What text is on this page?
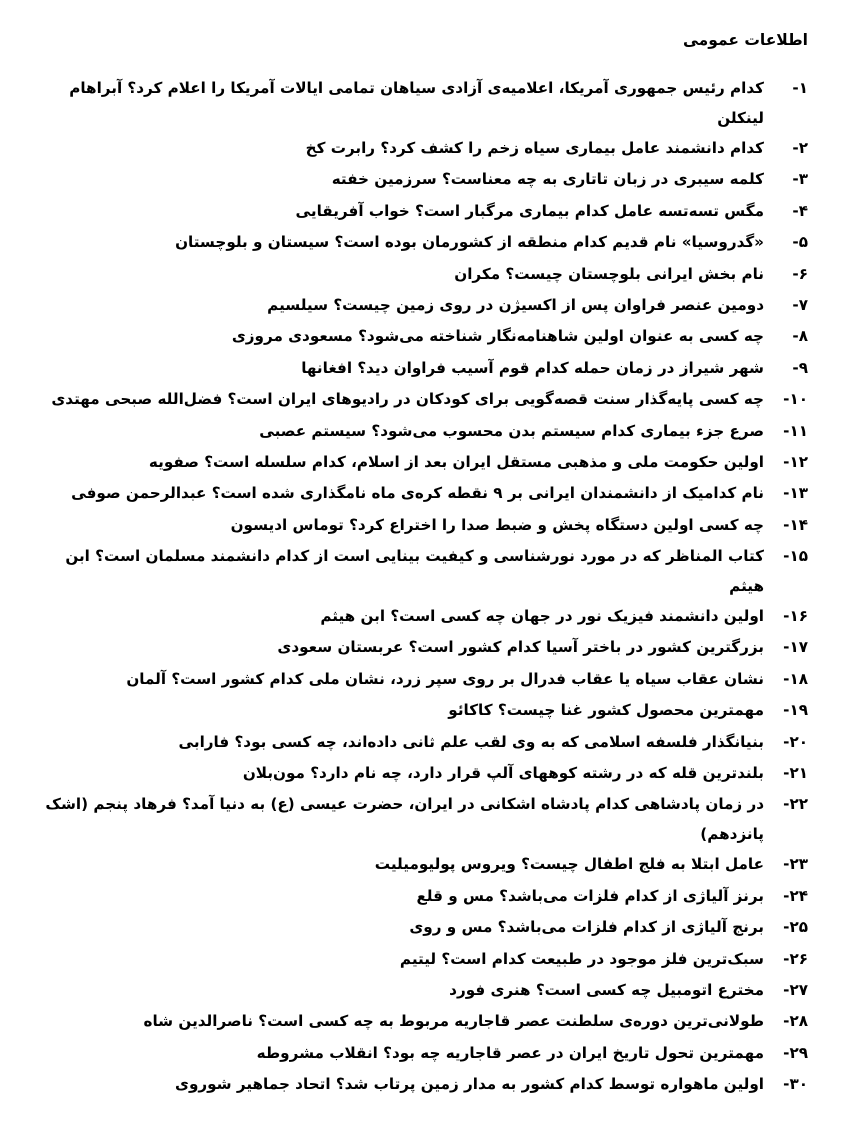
اطلاعات عمومی
۱-
کدام رئیس جمهوری آمریکا، اعلامیه‌ی آزادی سیاهان تمامی ایالات آمریکا را اعلام کرد؟ آبراهام لینکلن
۲-
کدام دانشمند عامل بیماری سیاه زخم را کشف کرد؟ رابرت کخ
۳-
کلمه سیبری در زبان تاتاری به چه معناست؟ سرزمین خفته
۴-
مگس تسه‌تسه عامل کدام بیماری مرگبار است؟ خواب آفریقایی
۵-
«گدروسیا» نام قدیم کدام منطقه از کشورمان بوده است؟ سیستان و بلوچستان
۶-
نام بخش ایرانی بلوچستان چیست؟ مکران
۷-
دومین عنصر فراوان پس از اکسیژن در روی زمین چیست؟ سیلسیم
۸-
چه کسی به عنوان اولین شاهنامه‌نگار شناخته می‌شود؟ مسعودی مروزی
۹-
شهر شیراز در زمان حمله کدام قوم آسیب فراوان دید؟ افغانها
۱۰-
چه کسی پایه‌گذار سنت قصه‌گویی برای کودکان در رادیوهای ایران است؟ فضل‌الله صبحی مهتدی
۱۱-
صرع جزء بیماری کدام سیستم بدن محسوب می‌شود؟ سیستم عصبی
۱۲-
اولین حکومت ملی و مذهبی مستقل ایران بعد از اسلام، کدام سلسله است؟ صفویه
۱۳-
نام کدامیک از دانشمندان ایرانی بر ۹ نقطه کره‌ی ماه نامگذاری شده است؟ عبدالرحمن صوفی
۱۴-
چه کسی اولین دستگاه پخش و ضبط صدا را اختراع کرد؟ توماس ادیسون
۱۵-
کتاب المناظر که در مورد نورشناسی و کیفیت بینایی است از کدام دانشمند مسلمان است؟ ابن هیثم
۱۶-
اولین دانشمند فیزیک نور در جهان چه کسی است؟ ابن هیثم
۱۷-
بزرگترین کشور در باختر آسیا کدام کشور است؟ عربستان سعودی
۱۸-
نشان عقاب سیاه یا عقاب فدرال بر روی سپر زرد، نشان ملی کدام کشور است؟ آلمان
۱۹-
مهمترین محصول کشور غنا چیست؟ کاکائو
۲۰-
بنیانگذار فلسفه اسلامی که به وی لقب علم ثانی داده‌اند، چه کسی بود؟ فارابی
۲۱-
بلندترین قله که در رشته کوههای آلپ قرار دارد، چه نام دارد؟ مون‌بلان
۲۲-
در زمان پادشاهی کدام پادشاه اشکانی در ایران، حضرت عیسی (ع) به دنیا آمد؟ فرهاد پنجم (اشک پانزدهم)
۲۳-
عامل ابتلا به فلج اطفال چیست؟ ویروس پولیومیلیت
۲۴-
برنز آلیاژی از کدام فلزات می‌باشد؟ مس و قلع
۲۵-
برنج آلیاژی از کدام فلزات می‌باشد؟ مس و روی
۲۶-
سبک‌ترین فلز موجود در طبیعت کدام است؟ لیتیم
۲۷-
مخترع اتومبیل چه کسی است؟ هنری فورد
۲۸-
طولانی‌ترین دوره‌ی سلطنت عصر قاجاریه مربوط به چه کسی است؟ ناصرالدین شاه
۲۹-
مهمترین تحول تاریخ ایران در عصر قاجاریه چه بود؟ انقلاب مشروطه
۳۰-
اولین ماهواره توسط کدام کشور به مدار زمین پرتاب شد؟ اتحاد جماهیر شوروی
